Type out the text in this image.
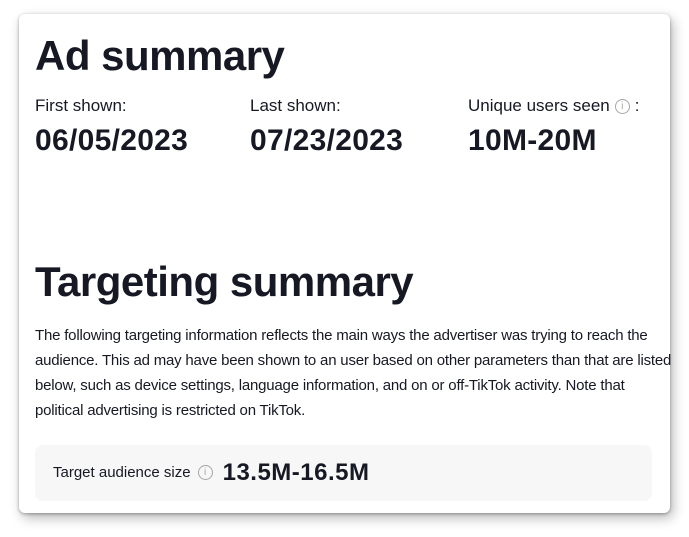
Ad summary
First shown:
06/05/2023
Last shown:
07/23/2023
Unique users seen i :
10M-20M
Targeting summary

The following targeting information reflects the main ways the advertiser was trying to reach the audience. This ad may have been shown to an user based on other parameters than that are listed below, such as device settings, language information, and on or off-TikTok activity. Note that political advertising is restricted on TikTok.

Target audience size i 13.5M-16.5M
